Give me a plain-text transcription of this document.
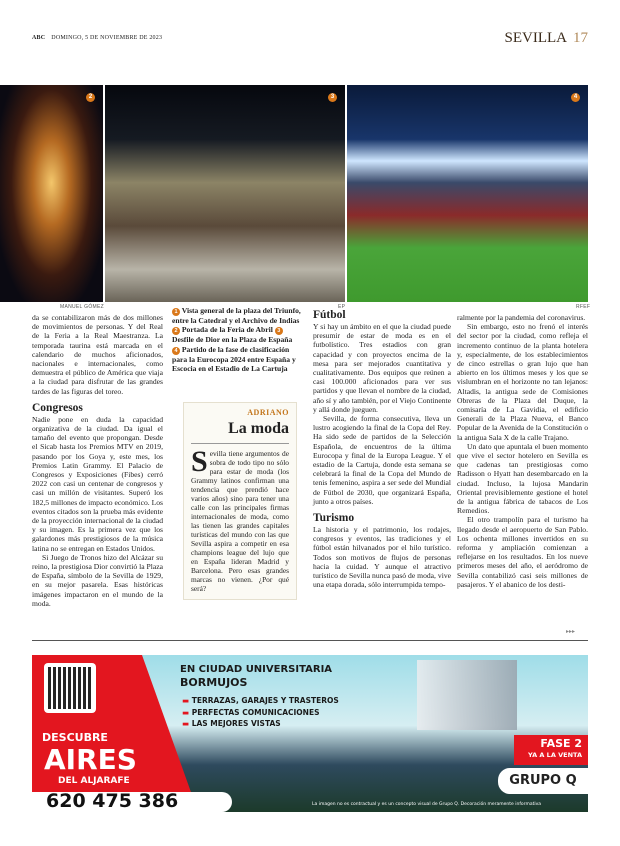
ABC DOMINGO, 5 DE NOVIEMBRE DE 2023	SEVILLA 17
2	3	4
MANUEL GÓMEZ	EP	RFEF

da se contabilizaron más de dos millones de movimientos de personas. Y del Real de la Feria a la Real Maestranza. La temporada taurina está marcada en el calendario de muchos aficionados, nacionales e internacionales, como demuestra el público de América que viaja a la ciudad para disfrutar de las grandes tardes de las figuras del toreo.

Congresos

Nadie pone en duda la capacidad organizativa de la ciudad. Da igual el tamaño del evento que propongan. Desde el Sicab hasta los Premios MTV en 2019, pasando por los Goya y, este mes, los Premios Latin Grammy. El Palacio de Congresos y Exposiciones (Fibes) cerró 2022 con casi un centenar de congresos y casi un millón de visitantes. Superó los 182,5 millones de impacto económico. Los eventos citados son la prueba más evidente de la proyección internacional de la ciudad y su imagen. Es la primera vez que los galardones más prestigiosos de la música latina no se entregan en Estados Unidos.

Si Juego de Tronos hizo del Alcázar su reino, la prestigiosa Dior convirtió la Plaza de España, símbolo de la Sevilla de 1929, en su mejor pasarela. Esas históricas imágenes impactaron en el mundo de la moda.

1 Vista general de la plaza del Triunfo, entre la Catedral y el Archivo de Indias 2 Portada de la Feria de Abril 3 Desfile de Dior en la Plaza de España 4 Partido de la fase de clasificación para la Eurocopa 2024 entre España y Escocia en el Estadio de La Cartuja
ADRIANO
La moda
Sevilla tiene argumentos de sobra de todo tipo no sólo para estar de moda (los Grammy latinos confirman una tendencia que prendió hace varios años) sino para tener una calle con las principales firmas internacionales de moda, como las tienen las grandes capitales turísticas del mundo con las que Sevilla aspira a competir en esa champions league del lujo que en España lideran Madrid y Barcelona. Pero esas grandes marcas no vienen. ¿Por qué será?
Fútbol

Y si hay un ámbito en el que la ciudad puede presumir de estar de moda es en el futbolístico. Tres estadios con gran capacidad y con proyectos encima de la mesa para ser mejorados cuantitativa y cualitativamente. Dos equipos que reúnen a casi 100.000 aficionados para ver sus partidos y que llevan el nombre de la ciudad, año sí y año también, por el Viejo Continente y allá donde jueguen.

Sevilla, de forma consecutiva, lleva un lustro acogiendo la final de la Copa del Rey. Ha sido sede de partidos de la Selección Española, de encuentros de la última Eurocopa y final de la Europa League. Y el estadio de la Cartuja, donde esta semana se celebrará la final de la Copa del Mundo de tenis femenino, aspira a ser sede del Mundial de Fútbol de 2030, que organizará España, junto a otros países.

Turismo

La historia y el patrimonio, los rodajes, congresos y eventos, las tradiciones y el fútbol están hilvanados por el hilo turístico. Todos son motivos de flujos de personas hacia la cuidad. Y aunque el atractivo turístico de Sevilla nunca pasó de moda, vive una etapa dorada, sólo interrumpida tempo-

ralmente por la pandemia del coronavirus.

Sin embargo, esto no frenó el interés del sector por la ciudad, como refleja el incremento continuo de la planta hotelera y, especialmente, de los establecimientos de cinco estrellas o gran lujo que han abierto en los últimos meses y los que se vislumbran en el horizonte no tan lejanos: Altadis, la antigua sede de Comisiones Obreras de la Plaza del Duque, la comisaría de La Gavidia, el edificio Generali de la Plaza Nueva, el Banco Popular de la Avenida de la Constitución o la antigua Sala X de la calle Trajano.

Un dato que apuntala el buen momento que vive el sector hotelero en Sevilla es que cadenas tan prestigiosas como Radisson o Hyatt han desembarcado en la ciudad. Incluso, la lujosa Mandarin Oriental previsiblemente gestione el hotel de la antigua fábrica de tabacos de Los Remedios.

El otro trampolín para el turismo ha llegado desde el aeropuerto de San Pablo. Los ochenta millones invertidos en su reforma y ampliación comienzan a reflejarse en los resultados. En los nueve primeros meses del año, el aeródromo de Sevilla contabilizó casi seis millones de pasajeros. Y el abanico de los desti-

▸▸▸
DESCUBRE
AIRES
DEL ALJARAFE
620 475 386
EN CIUDAD UNIVERSITARIA
BORMUJOS
▬ TERRAZAS, GARAJES Y TRASTEROS
▬ PERFECTAS COMUNICACIONES
▬ LAS MEJORES VISTAS
FASE 2
YA A LA VENTA
GRUPO Q
La imagen no es contractual y es un concepto visual de Grupo Q. Decoración meramente informativa
